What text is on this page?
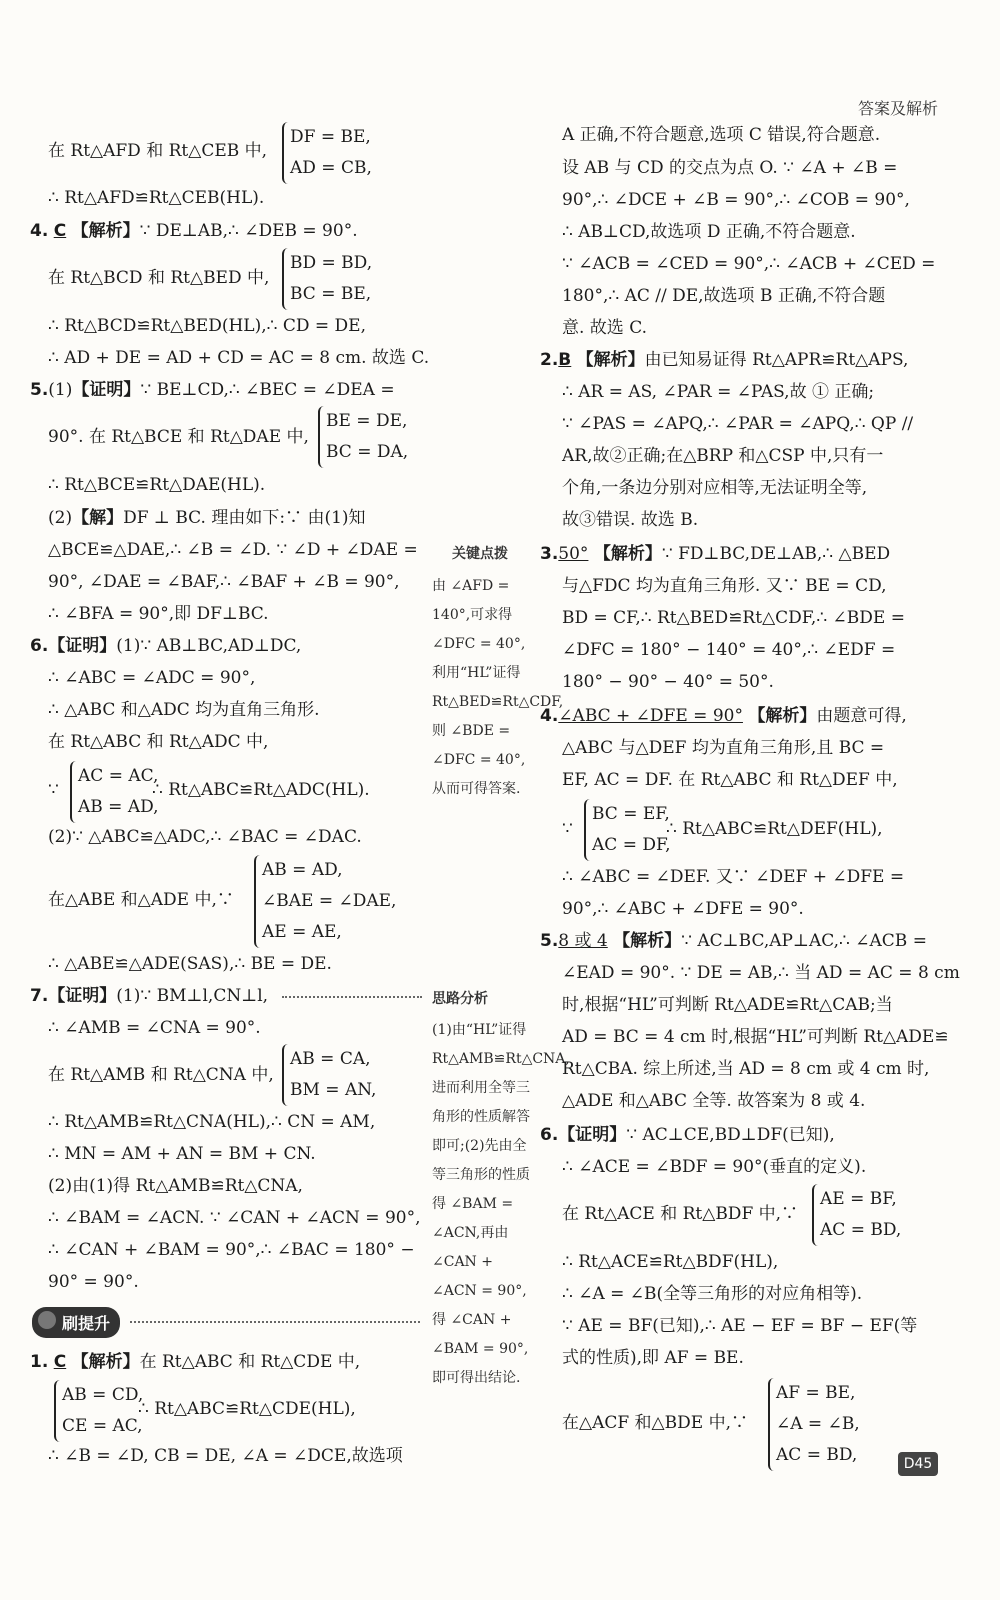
答案及解析
在 Rt△AFD 和 Rt△CEB 中,
DF = BE,
AD = CB,
∴ Rt△AFD≌Rt△CEB(HL).
4. C 【解析】∵ DE⊥AB,∴ ∠DEB = 90°.
在 Rt△BCD 和 Rt△BED 中,
BD = BD,
BC = BE,
∴ Rt△BCD≌Rt△BED(HL),∴ CD = DE,
∴ AD + DE = AD + CD = AC = 8 cm. 故选 C.
5.(1)【证明】∵ BE⊥CD,∴ ∠BEC = ∠DEA =
90°. 在 Rt△BCE 和 Rt△DAE 中,
BE = DE,
BC = DA,
∴ Rt△BCE≌Rt△DAE(HL).
(2)【解】DF ⊥ BC. 理由如下:∵ 由(1)知
△BCE≌△DAE,∴ ∠B = ∠D. ∵ ∠D + ∠DAE =
90°, ∠DAE = ∠BAF,∴ ∠BAF + ∠B = 90°,
∴ ∠BFA = 90°,即 DF⊥BC.
6.【证明】(1)∵ AB⊥BC,AD⊥DC,
∴ ∠ABC = ∠ADC = 90°,
∴ △ABC 和△ADC 均为直角三角形.
在 Rt△ABC 和 Rt△ADC 中,
∵
AC = AC,
AB = AD,
∴ Rt△ABC≌Rt△ADC(HL).
(2)∵ △ABC≌△ADC,∴ ∠BAC = ∠DAC.
在△ABE 和△ADE 中,∵
AB = AD,
∠BAE = ∠DAE,
AE = AE,
∴ △ABE≌△ADE(SAS),∴ BE = DE.
7.【证明】(1)∵ BM⊥l,CN⊥l,
∴ ∠AMB = ∠CNA = 90°.
在 Rt△AMB 和 Rt△CNA 中,
AB = CA,
BM = AN,
∴ Rt△AMB≌Rt△CNA(HL),∴ CN = AM,
∴ MN = AM + AN = BM + CN.
(2)由(1)得 Rt△AMB≌Rt△CNA,
∴ ∠BAM = ∠ACN. ∵ ∠CAN + ∠ACN = 90°,
∴ ∠CAN + ∠BAM = 90°,∴ ∠BAC = 180° −
90° = 90°.
刷提升
1. C 【解析】在 Rt△ABC 和 Rt△CDE 中,
AB = CD,
CE = AC,
∴ Rt△ABC≌Rt△CDE(HL),
∴ ∠B = ∠D, CB = DE, ∠A = ∠DCE,故选项
关键点拨
由 ∠AFD = 140°,可求得 ∠DFC = 40°,利用“HL”证得 Rt△BED≌Rt△CDF,则 ∠BDE = ∠DFC = 40°,从而可得答案.
思路分析
(1)由“HL”证得 Rt△AMB≌Rt△CNA,进而利用全等三角形的性质解答即可;(2)先由全等三角形的性质得 ∠BAM = ∠ACN,再由 ∠CAN + ∠ACN = 90°,得 ∠CAN + ∠BAM = 90°,即可得出结论.
A 正确,不符合题意,选项 C 错误,符合题意.
设 AB 与 CD 的交点为点 O. ∵ ∠A + ∠B =
90°,∴ ∠DCE + ∠B = 90°,∴ ∠COB = 90°,
∴ AB⊥CD,故选项 D 正确,不符合题意.
∵ ∠ACB = ∠CED = 90°,∴ ∠ACB + ∠CED =
180°,∴ AC // DE,故选项 B 正确,不符合题
意. 故选 C.
2.B 【解析】由已知易证得 Rt△APR≌Rt△APS,
∴ AR = AS, ∠PAR = ∠PAS,故 ① 正确;
∵ ∠PAS = ∠APQ,∴ ∠PAR = ∠APQ,∴ QP //
AR,故②正确;在△BRP 和△CSP 中,只有一
个角,一条边分别对应相等,无法证明全等,
故③错误. 故选 B.
3.50° 【解析】∵ FD⊥BC,DE⊥AB,∴ △BED
与△FDC 均为直角三角形. 又∵ BE = CD,
BD = CF,∴ Rt△BED≌Rt△CDF,∴ ∠BDE =
∠DFC = 180° − 140° = 40°,∴ ∠EDF =
180° − 90° − 40° = 50°.
4.∠ABC + ∠DFE = 90° 【解析】由题意可得,
△ABC 与△DEF 均为直角三角形,且 BC =
EF, AC = DF. 在 Rt△ABC 和 Rt△DEF 中,
∵
BC = EF,
AC = DF,
∴ Rt△ABC≌Rt△DEF(HL),
∴ ∠ABC = ∠DEF. 又∵ ∠DEF + ∠DFE =
90°,∴ ∠ABC + ∠DFE = 90°.
5.8 或 4 【解析】∵ AC⊥BC,AP⊥AC,∴ ∠ACB =
∠EAD = 90°. ∵ DE = AB,∴ 当 AD = AC = 8 cm
时,根据“HL”可判断 Rt△ADE≌Rt△CAB;当
AD = BC = 4 cm 时,根据“HL”可判断 Rt△ADE≌
Rt△CBA. 综上所述,当 AD = 8 cm 或 4 cm 时,
△ADE 和△ABC 全等. 故答案为 8 或 4.
6.【证明】∵ AC⊥CE,BD⊥DF(已知),
∴ ∠ACE = ∠BDF = 90°(垂直的定义).
在 Rt△ACE 和 Rt△BDF 中,∵
AE = BF,
AC = BD,
∴ Rt△ACE≌Rt△BDF(HL),
∴ ∠A = ∠B(全等三角形的对应角相等).
∵ AE = BF(已知),∴ AE − EF = BF − EF(等
式的性质),即 AF = BE.
在△ACF 和△BDE 中,∵
AF = BE,
∠A = ∠B,
AC = BD,	D45
